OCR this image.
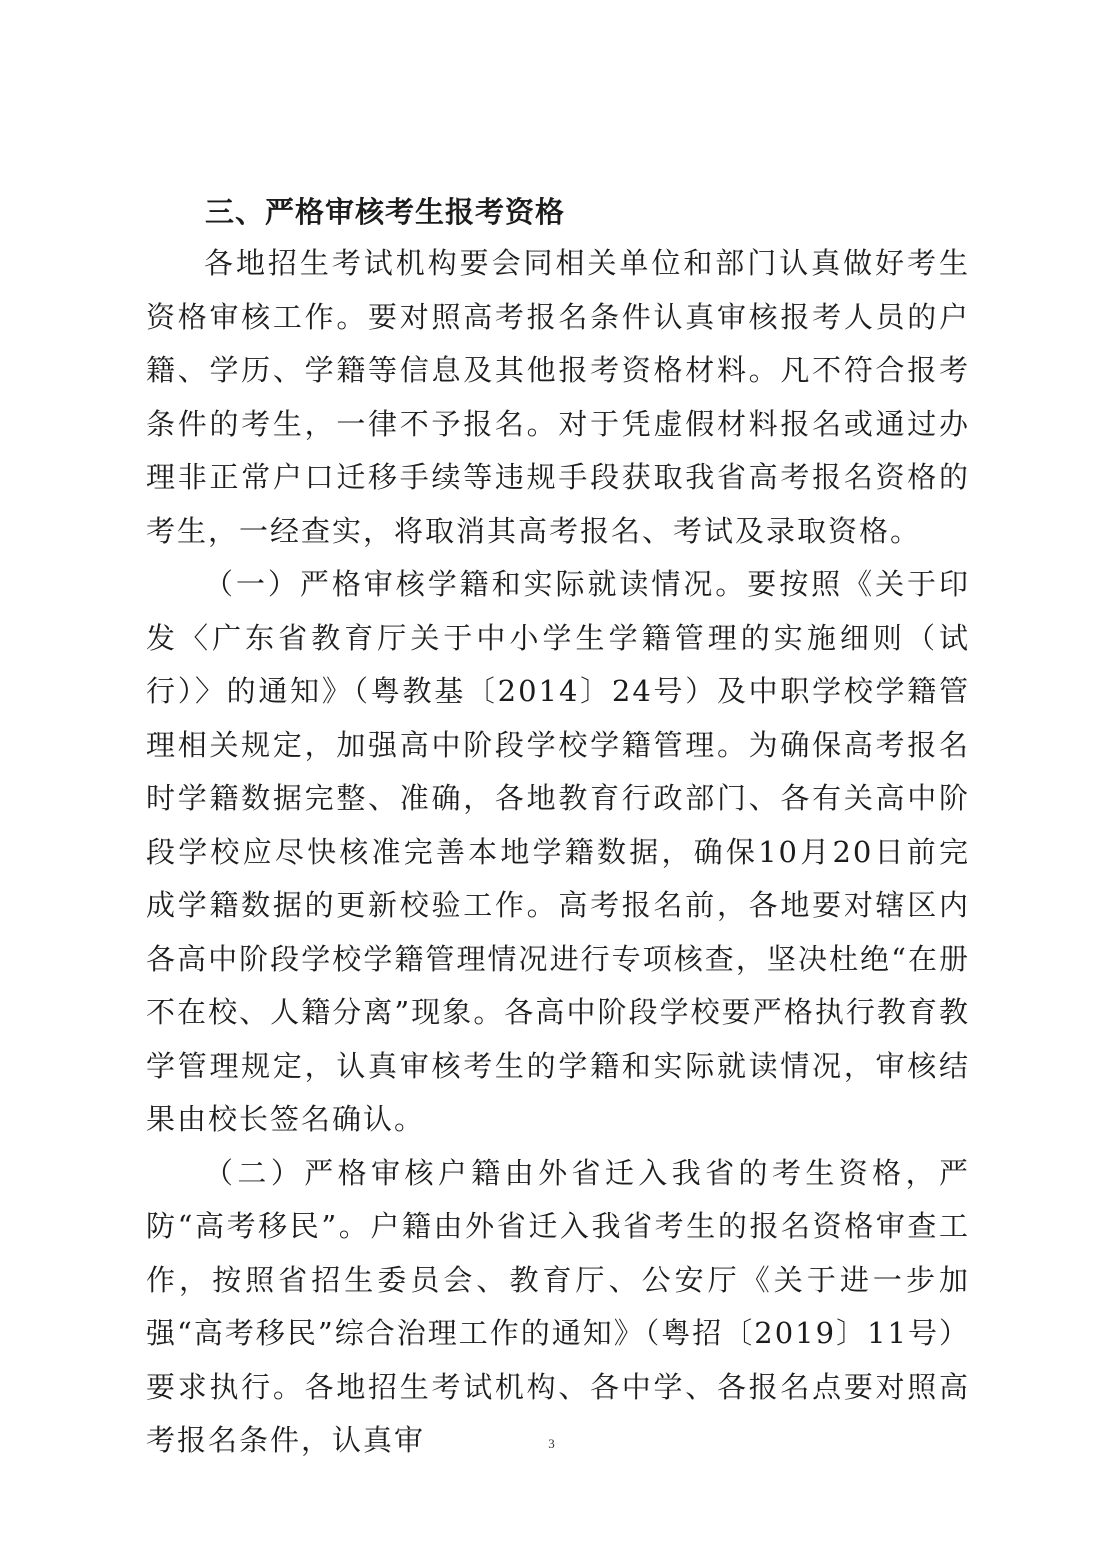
三、严格审核考生报考资格

各地招生考试机构要会同相关单位和部门认真做好考生资格审核工作。要对照高考报名条件认真审核报考人员的户籍、学历、学籍等信息及其他报考资格材料。凡不符合报考条件的考生，一律不予报名。对于凭虚假材料报名或通过办理非正常户口迁移手续等违规手段获取我省高考报名资格的考生，一经查实，将取消其高考报名、考试及录取资格。

（一）严格审核学籍和实际就读情况。要按照《关于印发〈广东省教育厅关于中小学生学籍管理的实施细则（试行）〉的通知》（粤教基〔2014〕24号）及中职学校学籍管理相关规定，加强高中阶段学校学籍管理。为确保高考报名时学籍数据完整、准确，各地教育行政部门、各有关高中阶段学校应尽快核准完善本地学籍数据，确保10月20日前完成学籍数据的更新校验工作。高考报名前，各地要对辖区内各高中阶段学校学籍管理情况进行专项核查，坚决杜绝“在册不在校、人籍分离”现象。各高中阶段学校要严格执行教育教学管理规定，认真审核考生的学籍和实际就读情况，审核结果由校长签名确认。

（二）严格审核户籍由外省迁入我省的考生资格，严防“高考移民”。户籍由外省迁入我省考生的报名资格审查工作，按照省招生委员会、教育厅、公安厅《关于进一步加强“高考移民”综合治理工作的通知》（粤招〔2019〕11号）要求执行。各地招生考试机构、各中学、各报名点要对照高考报名条件，认真审	3
